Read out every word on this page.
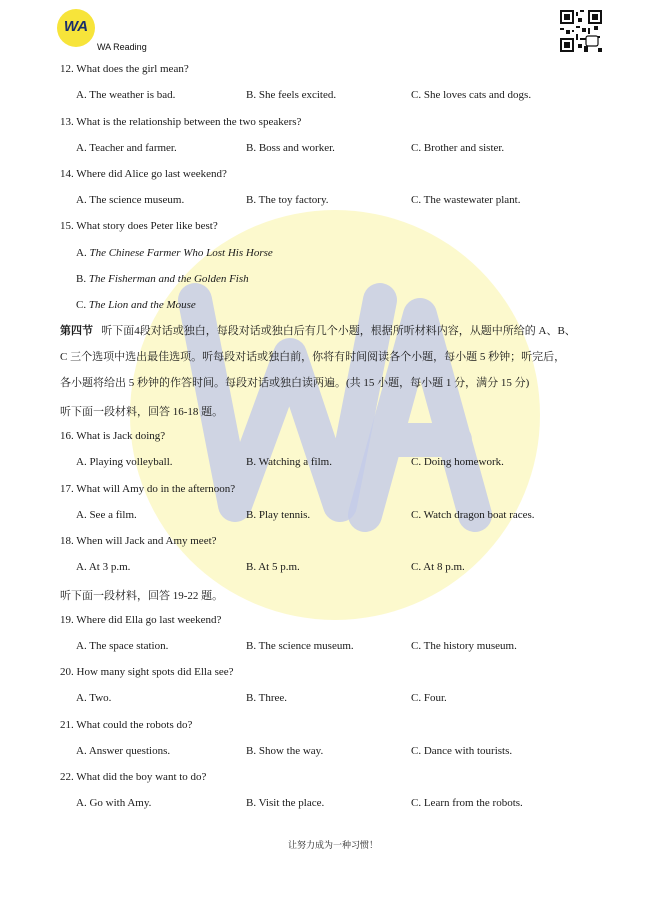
WA
WA Reading
12. What does the girl mean?
A. The weather is bad.	B. She feels excited.	C. She loves cats and dogs.
13. What is the relationship between the two speakers?
A. Teacher and farmer.	B. Boss and worker.	C. Brother and sister.
14. Where did Alice go last weekend?
A. The science museum.	B. The toy factory.	C. The wastewater plant.
15. What story does Peter like best?
A. The Chinese Farmer Who Lost His Horse
B. The Fisherman and the Golden Fish
C. The Lion and the Mouse
第四节 听下面4段对话或独白，每段对话或独白后有几个小题，根据所听材料内容，从题中所给的 A、B、
C 三个选项中选出最佳选项。听每段对话或独白前，你将有时间阅读各个小题，每小题 5 秒钟；听完后，
各小题将给出 5 秒钟的作答时间。每段对话或独白读两遍。(共 15 小题，每小题 1 分，满分 15 分)
听下面一段材料，回答 16-18 题。
16. What is Jack doing?
A. Playing volleyball.	B. Watching a film.	C. Doing homework.
17. What will Amy do in the afternoon?
A. See a film.	B. Play tennis.	C. Watch dragon boat races.
18. When will Jack and Amy meet?
A. At 3 p.m.	B. At 5 p.m.	C. At 8 p.m.
听下面一段材料，回答 19-22 题。
19. Where did Ella go last weekend?
A. The space station.	B. The science museum.	C. The history museum.
20. How many sight spots did Ella see?
A. Two.	B. Three.	C. Four.
21. What could the robots do?
A. Answer questions.	B. Show the way.	C. Dance with tourists.
22. What did the boy want to do?
A. Go with Amy.	B. Visit the place.	C. Learn from the robots.
让努力成为一种习惯！
